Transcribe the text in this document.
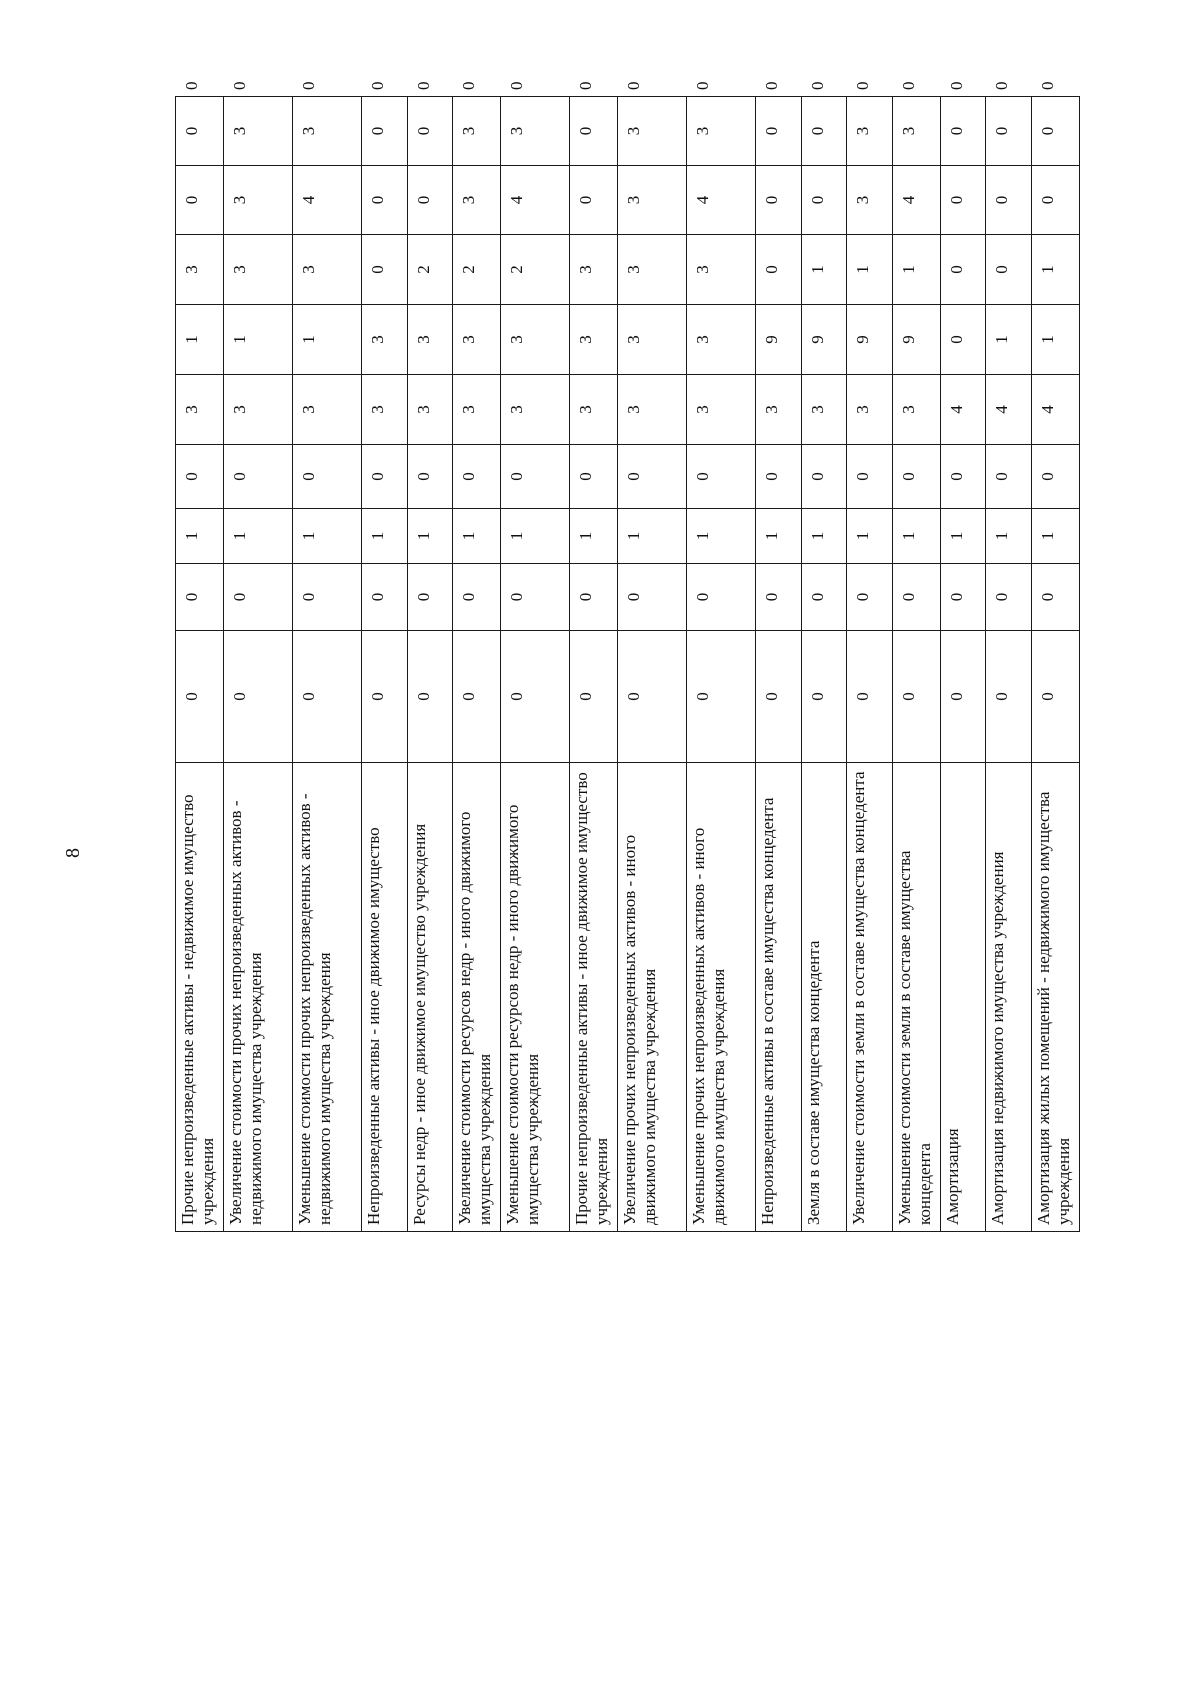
8	Прочие непроизведенные активы - недвижимое имущество учреждения	0	0	1	0	3	1	3	0	0	0
Увеличение стоимости прочих непроизведенных активов - недвижимого имущества учреждения	0	0	1	0	3	1	3	3	3	0
Уменьшение стоимости прочих непроизведенных активов - недвижимого имущества учреждения	0	0	1	0	3	1	3	4	3	0
Непроизведенные активы - иное движимое имущество	0	0	1	0	3	3	0	0	0	0
Ресурсы недр - иное движимое имущество учреждения	0	0	1	0	3	3	2	0	0	0
Увеличение стоимости ресурсов недр - иного движимого имущества учреждения	0	0	1	0	3	3	2	3	3	0
Уменьшение стоимости ресурсов недр - иного движимого имущества учреждения	0	0	1	0	3	3	2	4	3	0
Прочие непроизведенные активы - иное движимое имущество учреждения	0	0	1	0	3	3	3	0	0	0
Увеличение прочих непроизведенных активов - иного движимого имущества учреждения	0	0	1	0	3	3	3	3	3	0
Уменьшение прочих непроизведенных активов - иного движимого имущества учреждения	0	0	1	0	3	3	3	4	3	0
Непроизведенные активы в составе имущества концедента	0	0	1	0	3	9	0	0	0	0
Земля в составе имущества концедента	0	0	1	0	3	9	1	0	0	0
Увеличение стоимости земли в составе имущества концедента	0	0	1	0	3	9	1	3	3	0
Уменьшение стоимости земли в составе имущества концедента	0	0	1	0	3	9	1	4	3	0
Амортизация	0	0	1	0	4	0	0	0	0	0
Амортизация недвижимого имущества учреждения	0	0	1	0	4	1	0	0	0	0
Амортизация жилых помещений - недвижимого имущества учреждения	0	0	1	0	4	1	1	0	0	0
